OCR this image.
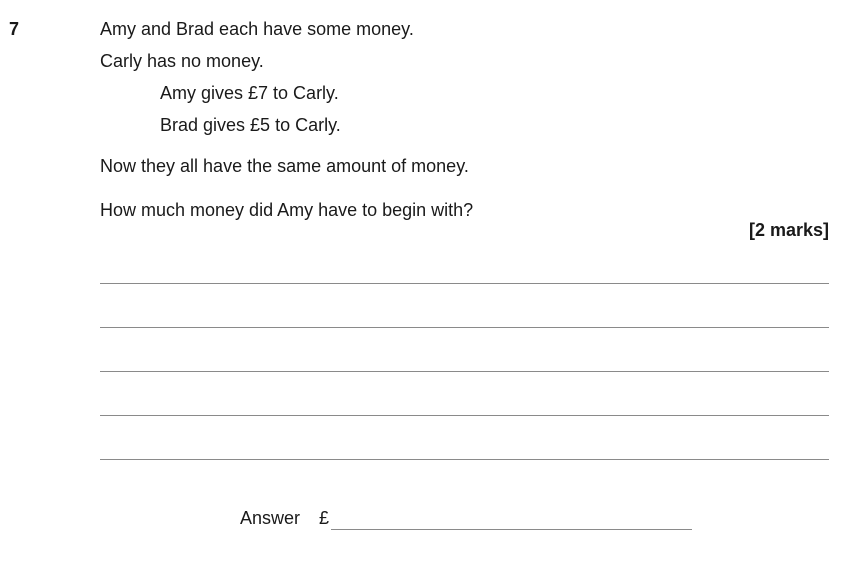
7	Amy and Brad each have some money.
Carly has no money.
Amy gives £7 to Carly.
Brad gives £5 to Carly.
Now they all have the same amount of money.
How much money did Amy have to begin with?
[2 marks]
Answer £
